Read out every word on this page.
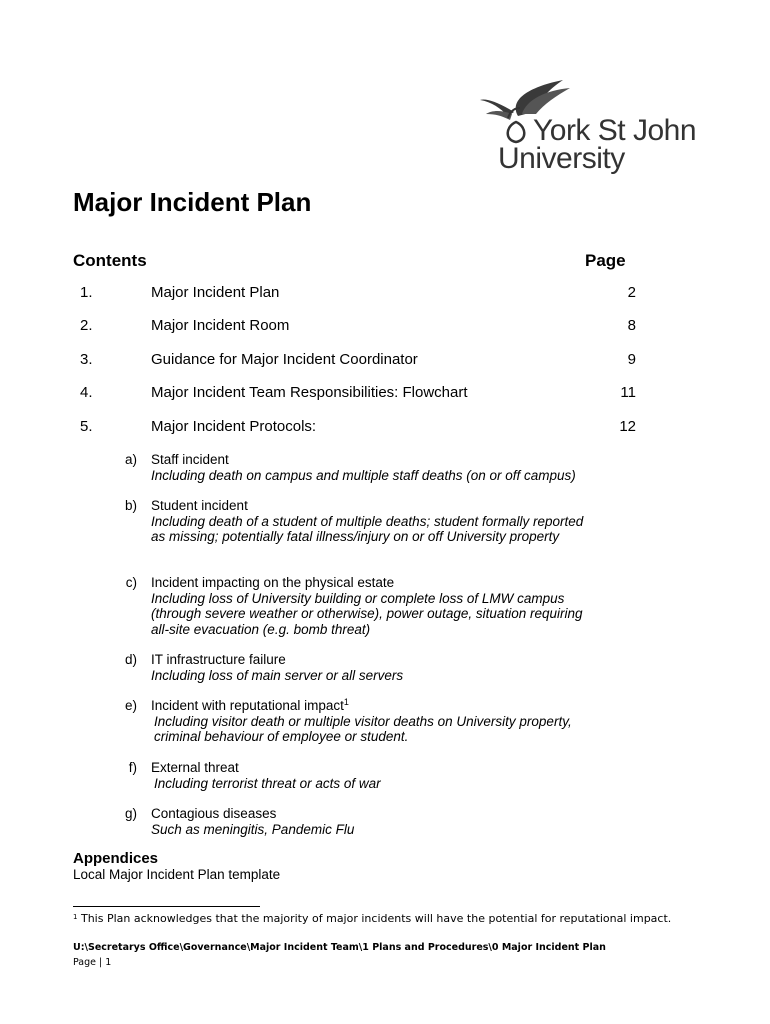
York St John
University
Major Incident Plan
Contents	Page
1.	Major Incident Plan	2
2.	Major Incident Room	8
3.	Guidance for Major Incident Coordinator	9
4.	Major Incident Team Responsibilities: Flowchart	11
5.	Major Incident Protocols:	12
a) Staff incident
Including death on campus and multiple staff deaths (on or off campus)
b) Student incident
Including death of a student of multiple deaths; student formally reported as missing; potentially fatal illness/injury on or off University property
c) Incident impacting on the physical estate
Including loss of University building or complete loss of LMW campus (through severe weather or otherwise), power outage, situation requiring all-site evacuation (e.g. bomb threat)
d) IT infrastructure failure
Including loss of main server or all servers
e) Incident with reputational impact$^1$
Including visitor death or multiple visitor deaths on University property, criminal behaviour of employee or student.
f) External threat
Including terrorist threat or acts of war
g) Contagious diseases
Such as meningitis, Pandemic Flu
Appendices
Local Major Incident Plan template
$^1$ This Plan acknowledges that the majority of major incidents will have the potential for reputational impact.
U:\Secretarys Office\Governance\Major Incident Team\1 Plans and Procedures\0 Major Incident Plan
Page | 1
